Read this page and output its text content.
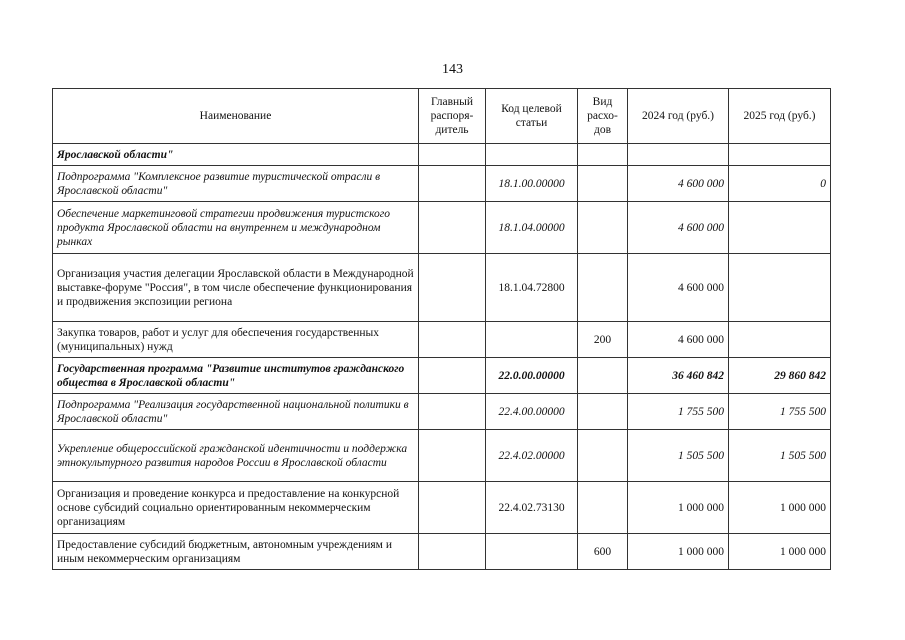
143
Наименование	Главный распоря-дитель	Код целевой статьи	Вид расхо-дов	2024 год (руб.)	2025 год (руб.)
Ярославской области"					
Подпрограмма "Комплексное развитие туристической отрасли в Ярославской области"		18.1.00.00000		4 600 000	0
Обеспечение маркетинговой стратегии продвижения туристского продукта Ярославской области на внутреннем и международном рынках		18.1.04.00000		4 600 000	
Организация участия делегации Ярославской области в Международной выставке-форуме "Россия", в том числе обеспечение функционирования и продвижения экспозиции региона		18.1.04.72800		4 600 000	
Закупка товаров, работ и услуг для обеспечения государственных (муниципальных) нужд			200	4 600 000	
Государственная программа "Развитие институтов гражданского общества в Ярославской области"		22.0.00.00000		36 460 842	29 860 842
Подпрограмма "Реализация государственной национальной политики в Ярославской области"		22.4.00.00000		1 755 500	1 755 500
Укрепление общероссийской гражданской идентичности и поддержка этнокультурного развития народов России в Ярославской области		22.4.02.00000		1 505 500	1 505 500
Организация и проведение конкурса и предоставление на конкурсной основе субсидий социально ориентированным некоммерческим организациям		22.4.02.73130		1 000 000	1 000 000
Предоставление субсидий бюджетным, автономным учреждениям и иным некоммерческим организациям			600	1 000 000	1 000 000
